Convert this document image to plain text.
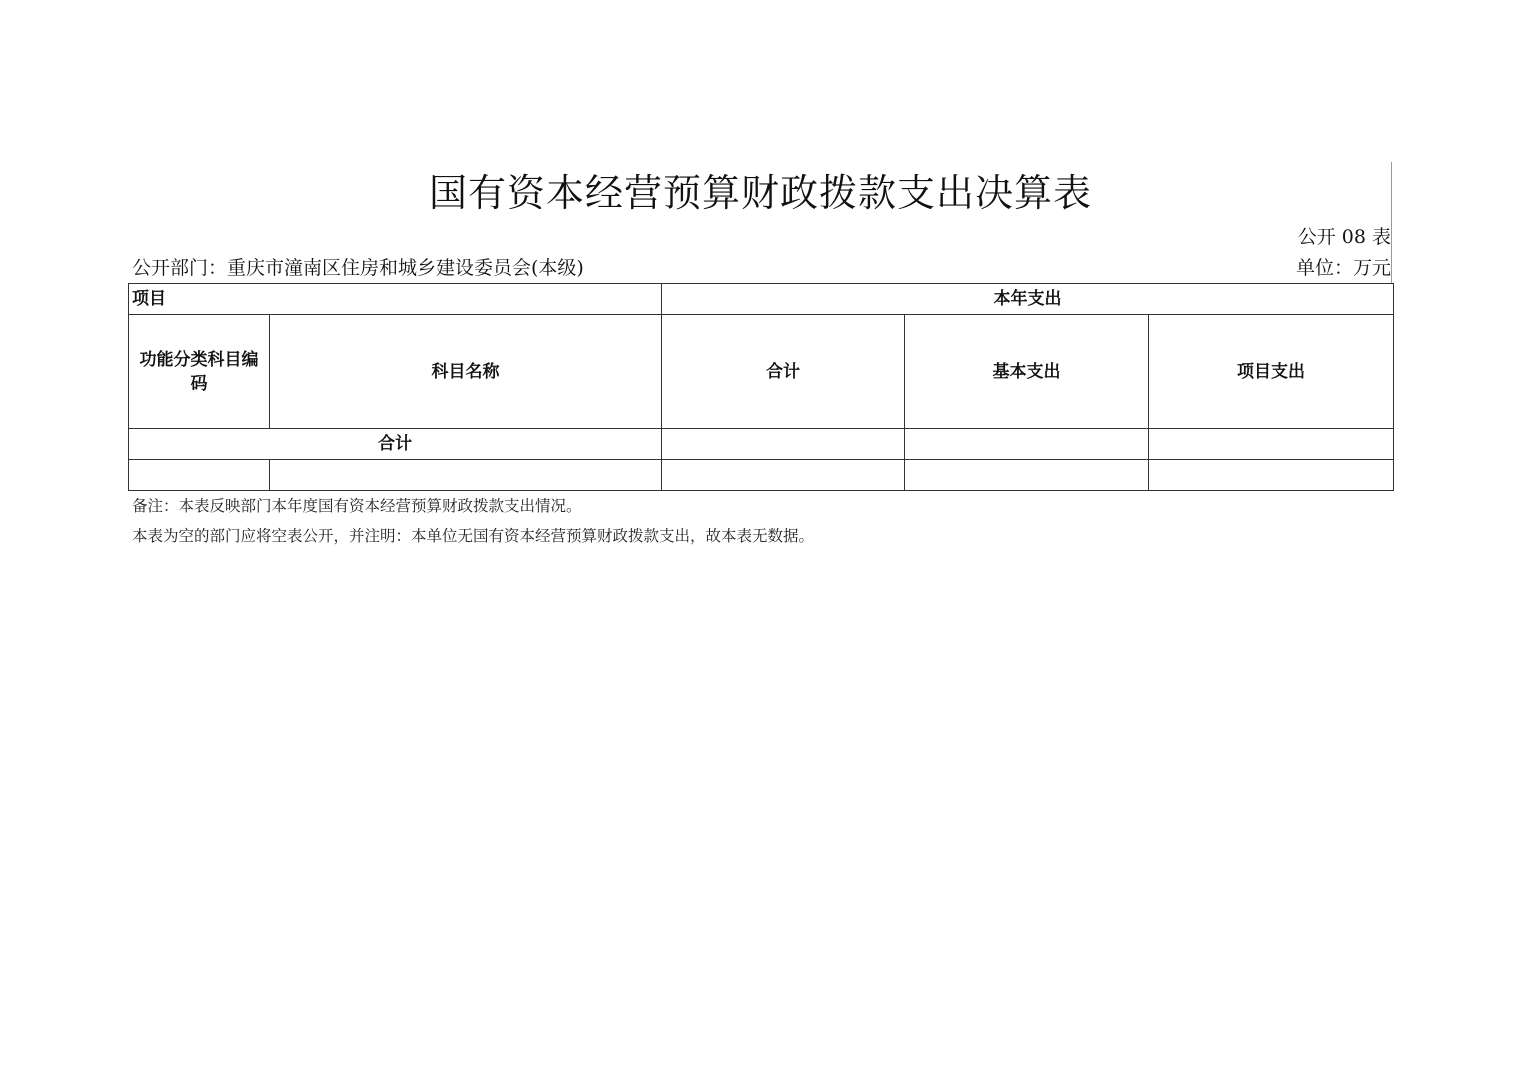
国有资本经营预算财政拨款支出决算表
公开 08 表
公开部门：重庆市潼南区住房和城乡建设委员会(本级)	单位：万元
项目		本年支出		

功能分类科目编码	科目名称	合计	基本支出	项目支出
合计				

备注：本表反映部门本年度国有资本经营预算财政拨款支出情况。
本表为空的部门应将空表公开，并注明：本单位无国有资本经营预算财政拨款支出，故本表无数据。
